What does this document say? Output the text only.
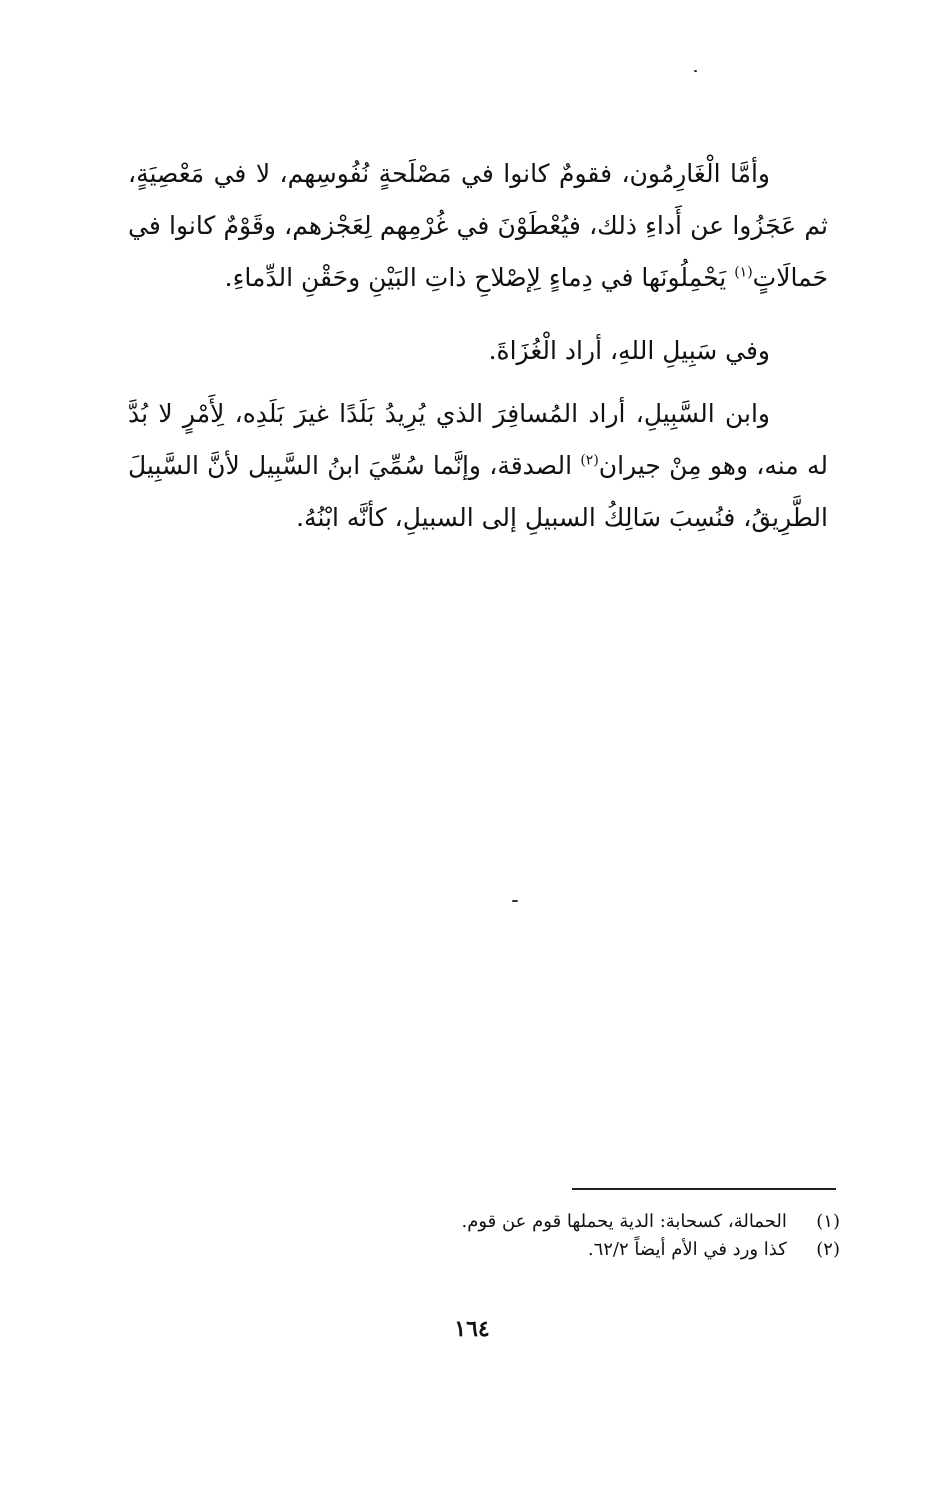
وأمَّا الْغَارِمُون، فقومٌ كانوا في مَصْلَحةٍ نُفُوسِهم، لا في مَعْصِيَةٍ، ثم عَجَزُوا عن أَداءِ ذلك، فيُعْطَوْنَ في غُرْمِهم لِعَجْزهم، وقَوْمٌ كانوا في حَمالَاتٍ$^{(١)}$ يَحْمِلُونَها في دِماءٍ لِإصْلاحِ ذاتِ البَيْنِ وحَقْنِ الدِّماءِ.

وفي سَبِيلِ اللهِ، أراد الْغُزَاةَ.

وابن السَّبِيلِ، أراد المُسافِرَ الذي يُرِيدُ بَلَدًا غيرَ بَلَدِه، لِأَمْرٍ لا بُدَّ له منه، وهو مِنْ جيران$^{(٢)}$ الصدقة، وإنَّما سُمِّيَ ابنُ السَّبِيل لأنَّ السَّبِيلَ الطَّرِيقُ، فنُسِبَ سَالِكُ السبيلِ إلى السبيلِ، كأنَّه ابْنُهُ.

(١)   الحمالة، كسحابة: الدية يحملها قوم عن قوم.
(٢)   كذا ورد في الأم أيضاً ٦٢/٢.
١٦٤
